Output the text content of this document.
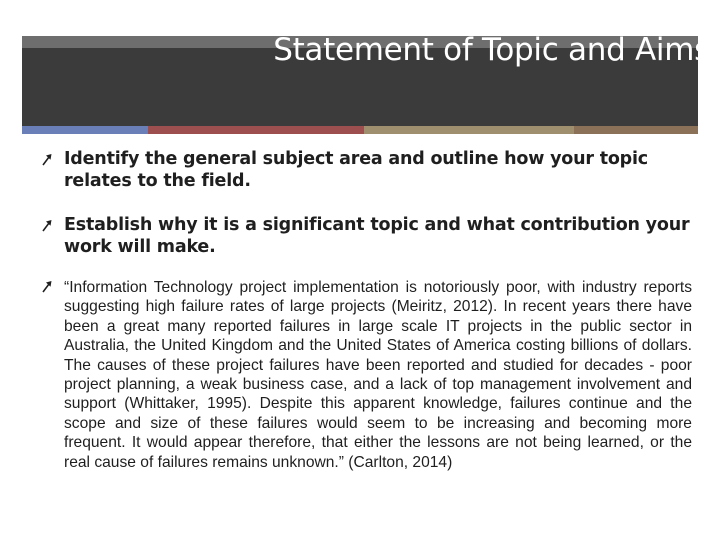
Statement of Topic and Aims
Identify the general subject area and outline how your topic relates to the field.
Establish why it is a significant topic and what contribution your work will make.
“Information Technology project implementation is notoriously poor, with industry reports suggesting high failure rates of large projects (Meiritz, 2012). In recent years there have been a great many reported failures in large scale IT projects in the public sector in Australia, the United Kingdom and the United States of America costing billions of dollars. The causes of these project failures have been reported and studied for decades - poor project planning, a weak business case, and a lack of top management involvement and support (Whittaker, 1995). Despite this apparent knowledge, failures continue and the scope and size of these failures would seem to be increasing and becoming more frequent. It would appear therefore, that either the lessons are not being learned, or the real cause of failures remains unknown.” (Carlton, 2014)
